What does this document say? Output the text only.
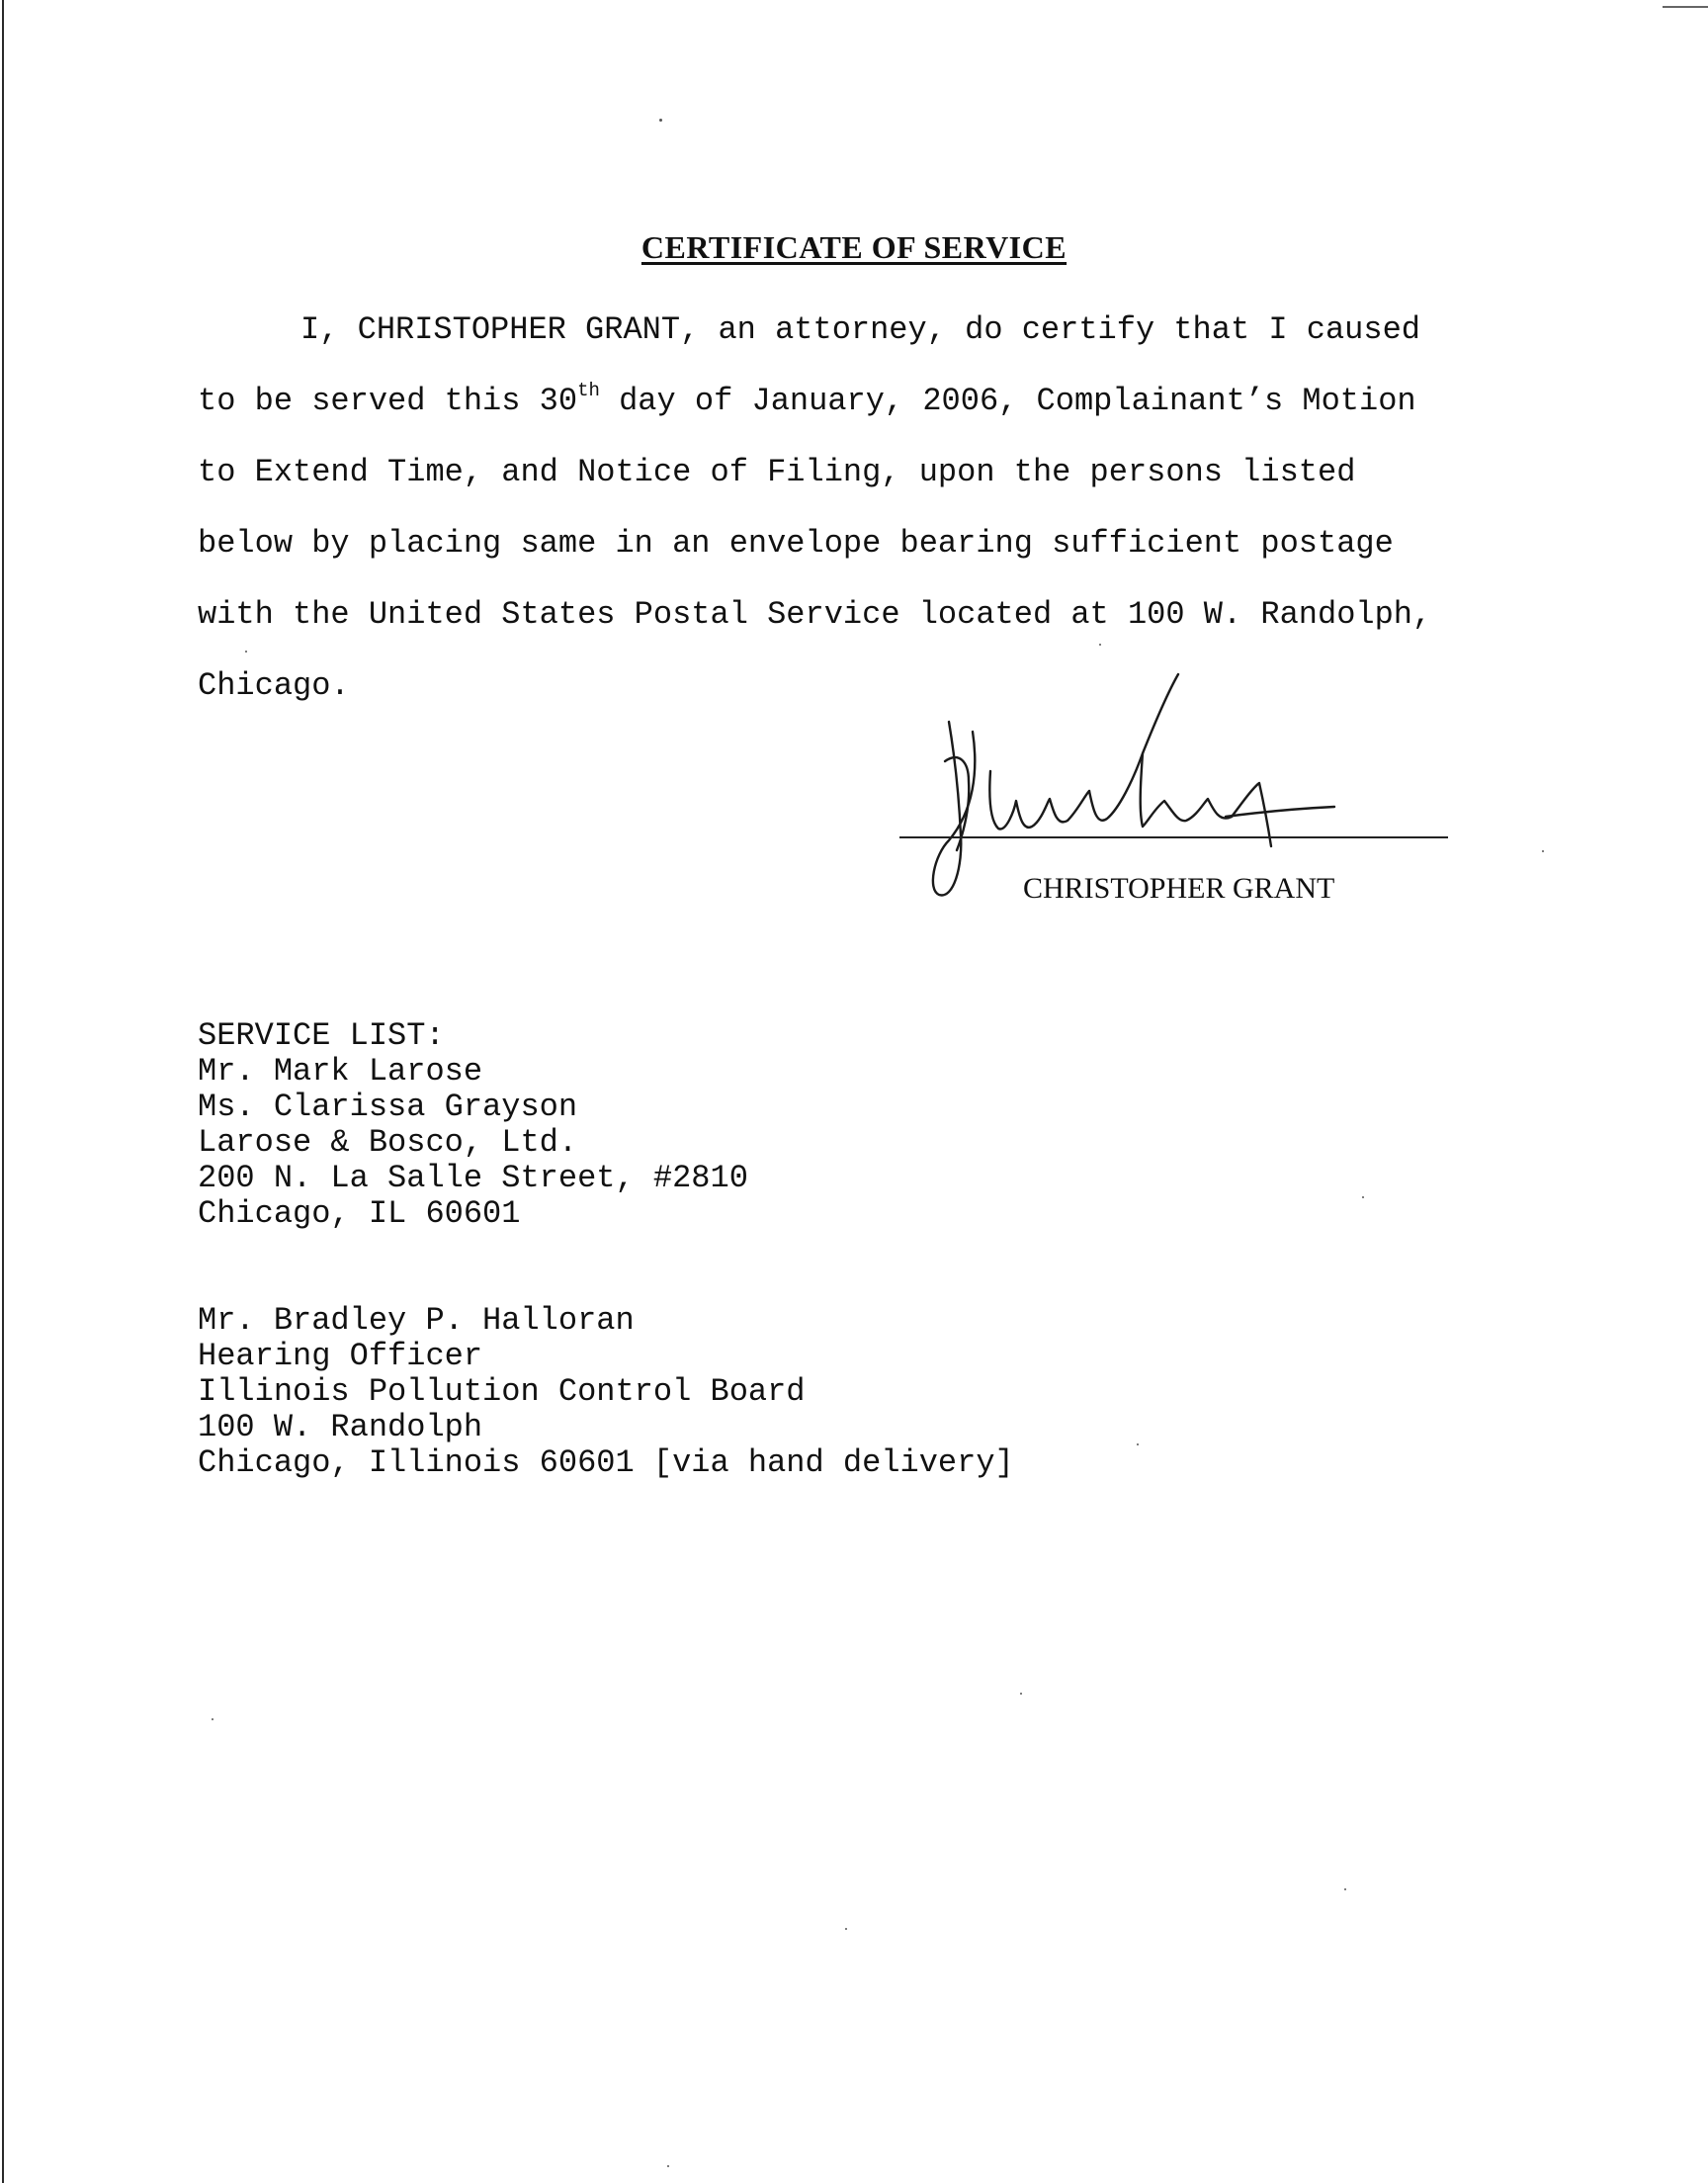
CERTIFICATE OF SERVICE
I, CHRISTOPHER GRANT, an attorney, do certify that I caused
to be served this 30th day of January, 2006, Complainant’s Motion
to Extend Time, and Notice of Filing, upon the persons listed
below by placing same in an envelope bearing sufficient postage
with the United States Postal Service located at 100 W. Randolph,
Chicago.
CHRISTOPHER GRANT
SERVICE LIST:
Mr. Mark Larose
Ms. Clarissa Grayson
Larose & Bosco, Ltd.
200 N. La Salle Street, #2810
Chicago, IL 60601
Mr. Bradley P. Halloran
Hearing Officer
Illinois Pollution Control Board
100 W. Randolph
Chicago, Illinois 60601 [via hand delivery]
